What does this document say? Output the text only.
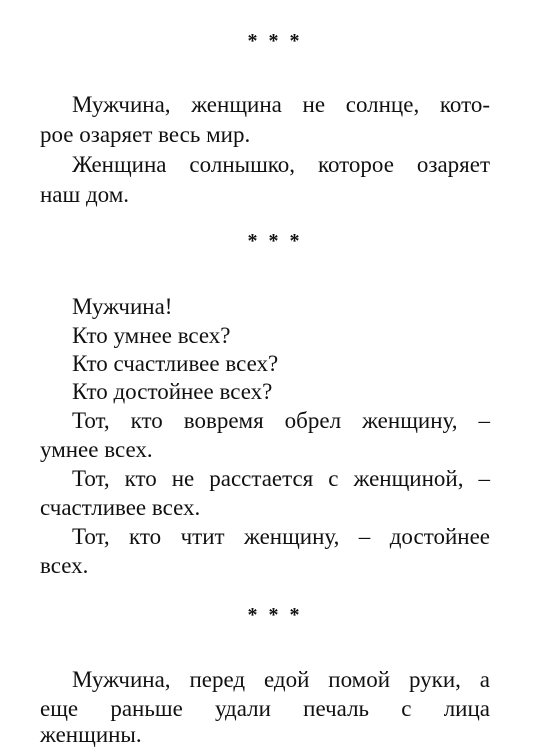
* * *
Мужчина, женщина не солнце, кото-
рое озаряет весь мир.
Женщина солнышко, которое озаряет
наш дом.
* * *
Мужчина!
Кто умнее всех?
Кто счастливее всех?
Кто достойнее всех?
Тот, кто вовремя обрел женщину, –
умнее всех.
Тот, кто не расстается с женщиной, –
счастливее всех.
Тот, кто чтит женщину, – достойнее
всех.
* * *
Мужчина, перед едой помой руки, а
еще раньше удали печаль с лица
женщины.
